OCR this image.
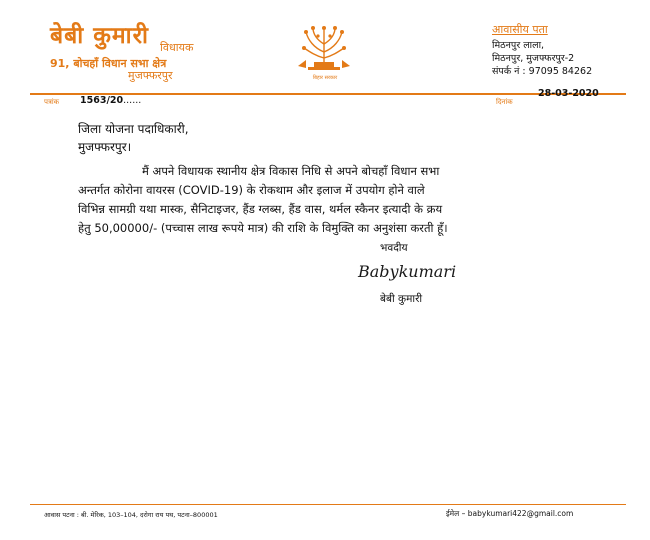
बेबी कुमारी विधायक
91, बोचहाँ विधान सभा क्षेत्र
मुजफ्फरपुर	बिहार सरकार
आवासीय पता
मिठनपुर लाला,
मिठनपुर, मुजफ्फरपुर-2
संपर्क नं : 97095 84262
पत्रांक 1563/20......
28-03-2020
दिनांक
जिला योजना पदाधिकारी,
मुजफ्फरपुर।
मैं अपने विधायक स्थानीय क्षेत्र विकास निधि से अपने बोचहाँ विधान सभा
अन्तर्गत कोरोना वायरस (COVID-19) के रोकथाम और इलाज में उपयोग होने वाले
विभिन्न सामग्री यथा मास्क, सैनिटाइजर, हैंड ग्लब्स, हैंड वास, थर्मल स्कैनर इत्यादी के क्रय
हेतु 50,00000/- (पच्चास लाख रूपये मात्र) की राशि के विमुक्ति का अनुशंसा करती हूँ।
भवदीय
Babykumari
बेबी कुमारी
आवास पटना : बी. मेरिक, 103–104, दरोगा राय पथ, पटना–800001	ईमेल – babykumari422@gmail.com
